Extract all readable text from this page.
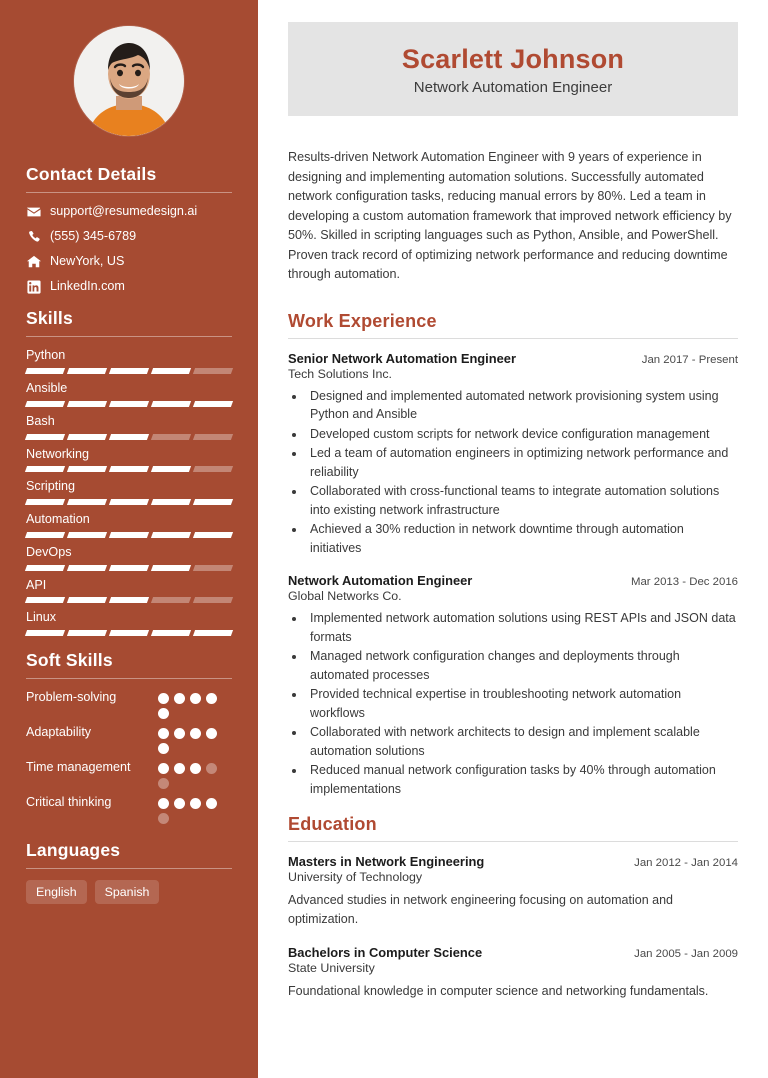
Contact Details
support@resumedesign.ai
(555) 345-6789
NewYork, US
LinkedIn.com
Skills
Python
Ansible
Bash
Networking
Scripting
Automation
DevOps
API
Linux
Soft Skills
Problem-solving
Adaptability
Time management
Critical thinking
Languages
English	Spanish
Scarlett Johnson
Network Automation Engineer

Results-driven Network Automation Engineer with 9 years of experience in designing and implementing automation solutions. Successfully automated network configuration tasks, reducing manual errors by 80%. Led a team in developing a custom automation framework that improved network efficiency by 50%. Skilled in scripting languages such as Python, Ansible, and PowerShell. Proven track record of optimizing network performance and reducing downtime through automation.

Work Experience
Senior Network Automation Engineer	Jan 2017 - Present
Tech Solutions Inc.
• Designed and implemented automated network provisioning system using Python and Ansible
• Developed custom scripts for network device configuration management
• Led a team of automation engineers in optimizing network performance and reliability
• Collaborated with cross-functional teams to integrate automation solutions into existing network infrastructure
• Achieved a 30% reduction in network downtime through automation initiatives
Network Automation Engineer	Mar 2013 - Dec 2016
Global Networks Co.
• Implemented network automation solutions using REST APIs and JSON data formats
• Managed network configuration changes and deployments through automated processes
• Provided technical expertise in troubleshooting network automation workflows
• Collaborated with network architects to design and implement scalable automation solutions
• Reduced manual network configuration tasks by 40% through automation implementations
Education
Masters in Network Engineering	Jan 2012 - Jan 2014
University of Technology
Advanced studies in network engineering focusing on automation and optimization.
Bachelors in Computer Science	Jan 2005 - Jan 2009
State University
Foundational knowledge in computer science and networking fundamentals.
